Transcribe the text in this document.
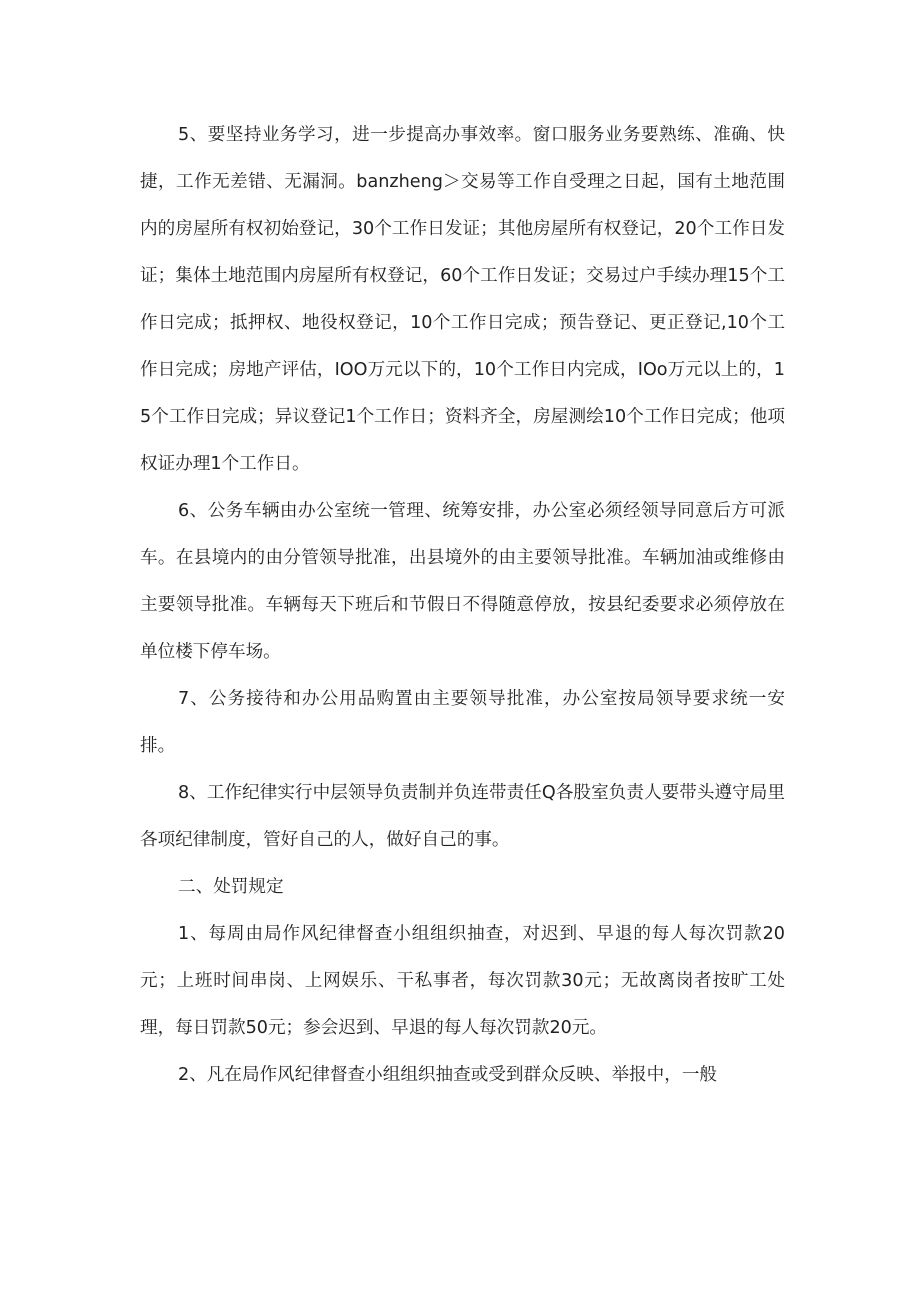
5、要坚持业务学习，进一步提高办事效率。窗口服务业务要熟练、准确、快捷，工作无差错、无漏洞。banzheng＞交易等工作自受理之日起，国有土地范围内的房屋所有权初始登记，30个工作日发证；其他房屋所有权登记，20个工作日发证；集体土地范围内房屋所有权登记，60个工作日发证；交易过户手续办理15个工作日完成；抵押权、地役权登记，10个工作日完成；预告登记、更正登记,10个工作日完成；房地产评估，IOO万元以下的，10个工作日内完成，IOo万元以上的，15个工作日完成；异议登记1个工作日；资料齐全，房屋测绘10个工作日完成；他项权证办理1个工作日。

6、公务车辆由办公室统一管理、统筹安排，办公室必须经领导同意后方可派车。在县境内的由分管领导批准，出县境外的由主要领导批准。车辆加油或维修由主要领导批准。车辆每天下班后和节假日不得随意停放，按县纪委要求必须停放在单位楼下停车场。

7、公务接待和办公用品购置由主要领导批准，办公室按局领导要求统一安排。

8、工作纪律实行中层领导负责制并负连带责任Q各股室负责人要带头遵守局里各项纪律制度，管好自己的人，做好自己的事。

二、处罚规定

1、每周由局作风纪律督查小组组织抽查，对迟到、早退的每人每次罚款20元；上班时间串岗、上网娱乐、干私事者，每次罚款30元；无故离岗者按旷工处理，每日罚款50元；参会迟到、早退的每人每次罚款20元。

2、凡在局作风纪律督查小组组织抽查或受到群众反映、举报中，一般
